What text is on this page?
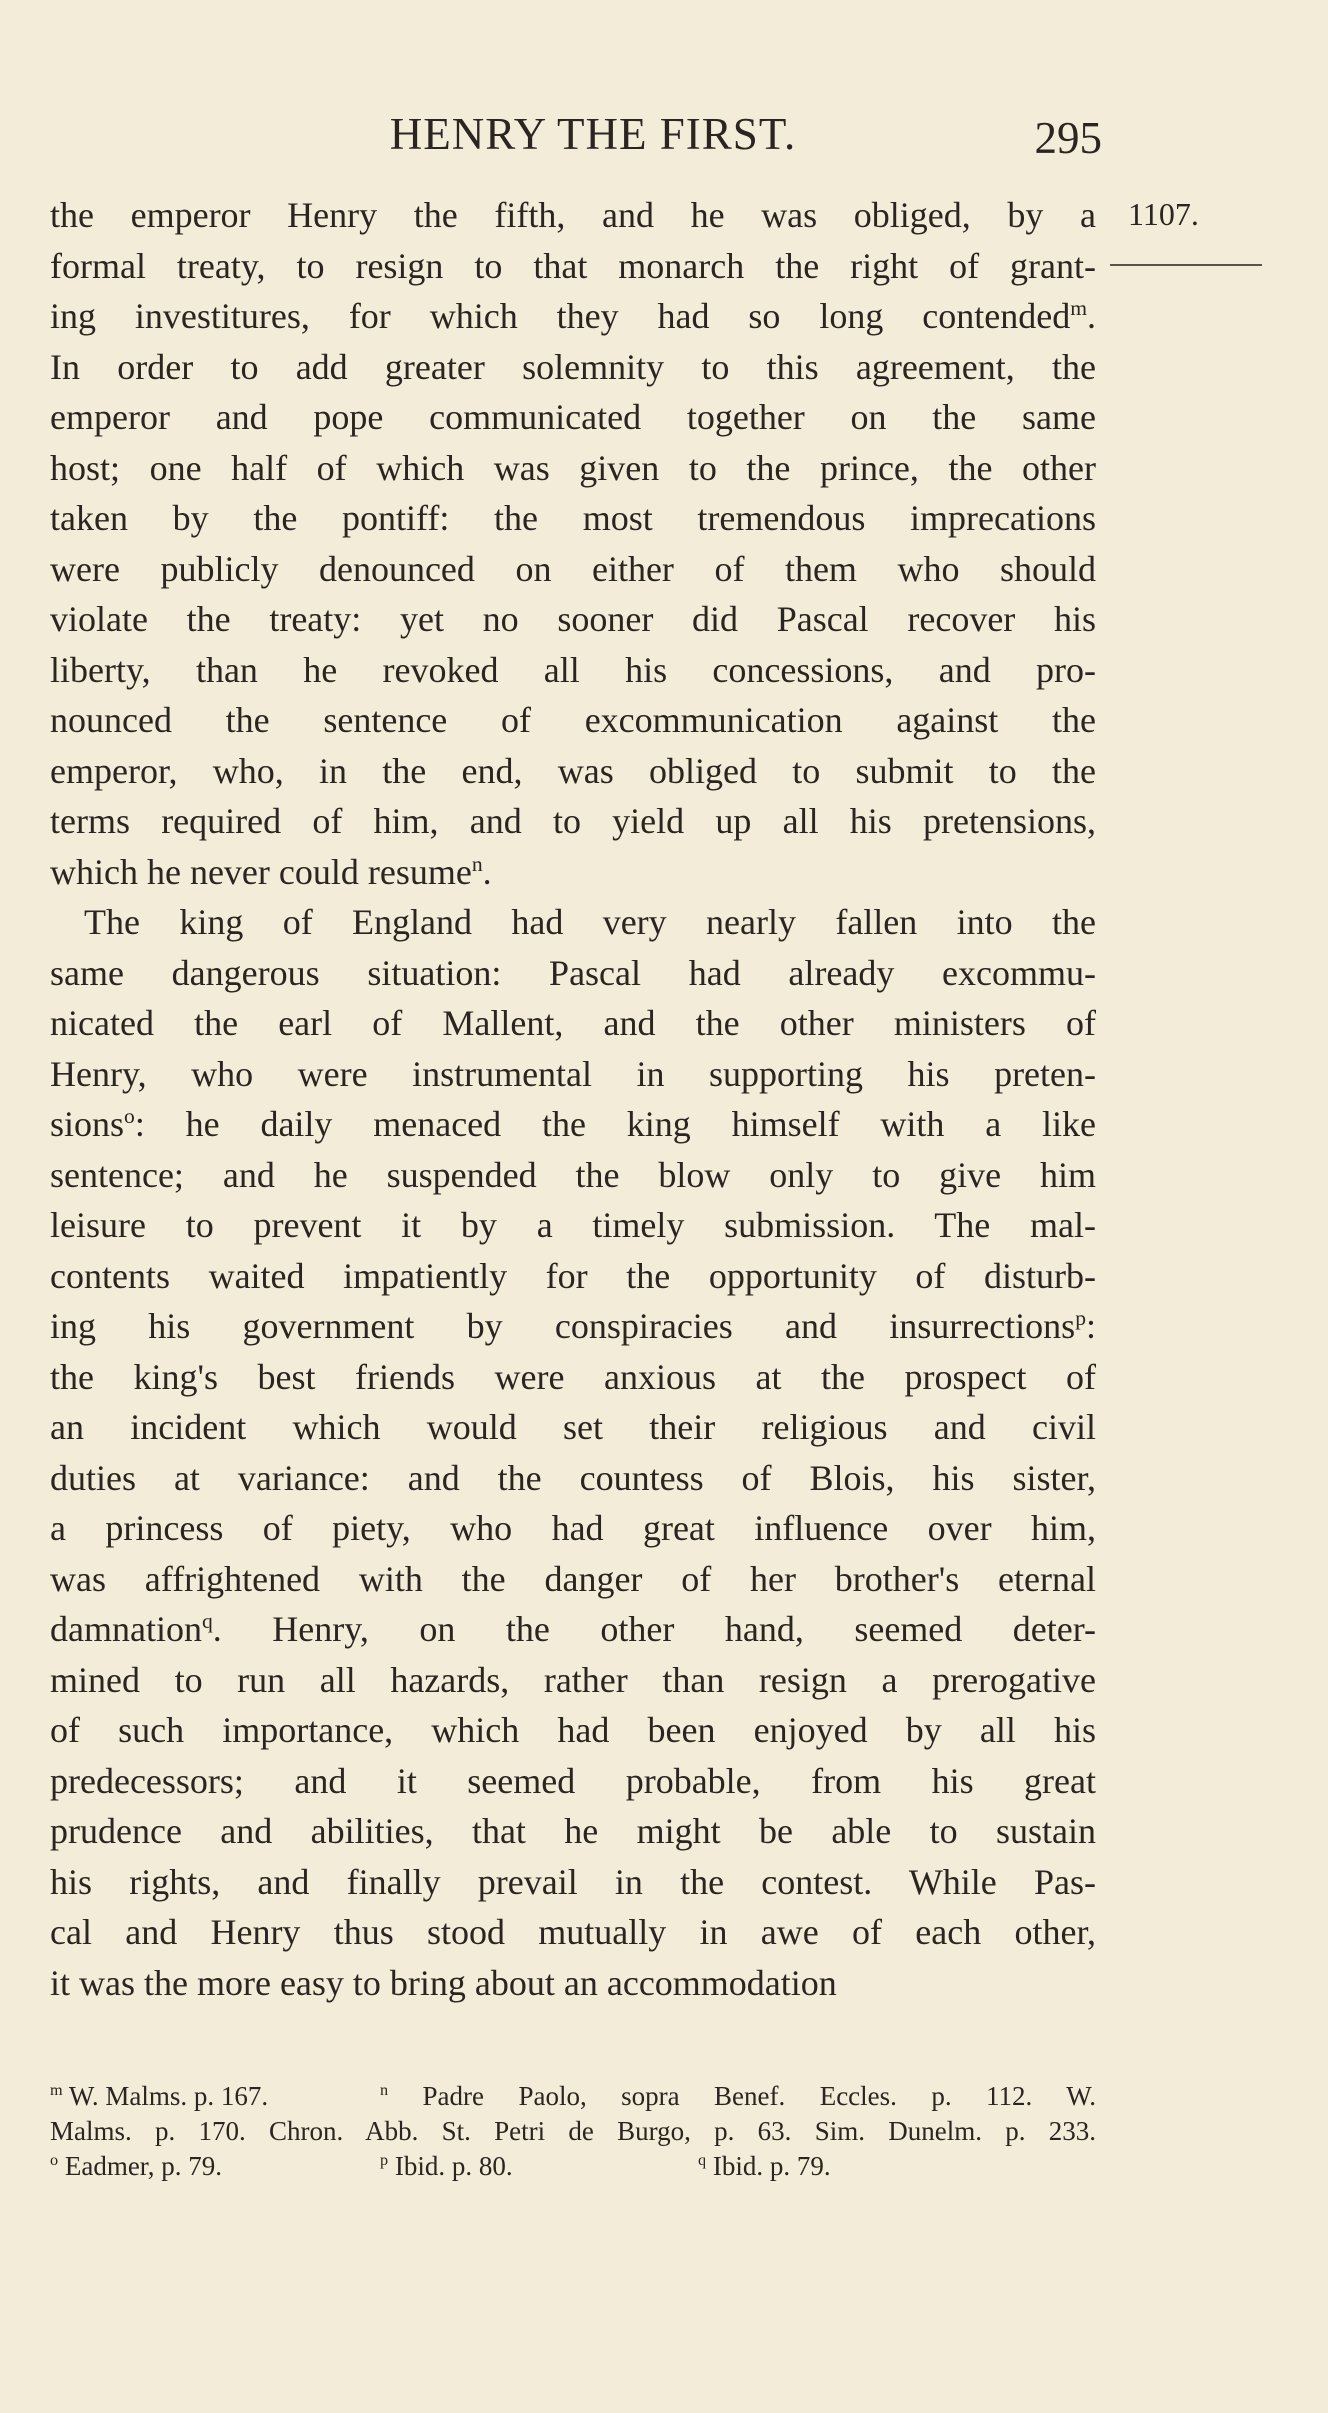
HENRY THE FIRST.	295
1107.
the emperor Henry the fifth, and he was obliged, by a
formal treaty, to resign to that monarch the right of grant-
ing investitures, for which they had so long contended$^m$.
In order to add greater solemnity to this agreement, the
emperor and pope communicated together on the same
host; one half of which was given to the prince, the other
taken by the pontiff: the most tremendous imprecations
were publicly denounced on either of them who should
violate the treaty: yet no sooner did Pascal recover his
liberty, than he revoked all his concessions, and pro-
nounced the sentence of excommunication against the
emperor, who, in the end, was obliged to submit to the
terms required of him, and to yield up all his pretensions,
which he never could resume$^n$.
The king of England had very nearly fallen into the
same dangerous situation: Pascal had already excommu-
nicated the earl of Mallent, and the other ministers of
Henry, who were instrumental in supporting his preten-
sions$^o$: he daily menaced the king himself with a like
sentence; and he suspended the blow only to give him
leisure to prevent it by a timely submission. The mal-
contents waited impatiently for the opportunity of disturb-
ing his government by conspiracies and insurrections$^p$:
the king's best friends were anxious at the prospect of
an incident which would set their religious and civil
duties at variance: and the countess of Blois, his sister,
a princess of piety, who had great influence over him,
was affrightened with the danger of her brother's eternal
damnation$^q$. Henry, on the other hand, seemed deter-
mined to run all hazards, rather than resign a prerogative
of such importance, which had been enjoyed by all his
predecessors; and it seemed probable, from his great
prudence and abilities, that he might be able to sustain
his rights, and finally prevail in the contest. While Pas-
cal and Henry thus stood mutually in awe of each other,
it was the more easy to bring about an accommodation
$^m$ W. Malms. p. 167.	$^n$ Padre Paolo, sopra Benef. Eccles. p. 112. W.
Malms. p. 170. Chron. Abb. St. Petri de Burgo, p. 63. Sim. Dunelm. p. 233.
$^o$ Eadmer, p. 79.	$^p$ Ibid. p. 80.	$^q$ Ibid. p. 79.
